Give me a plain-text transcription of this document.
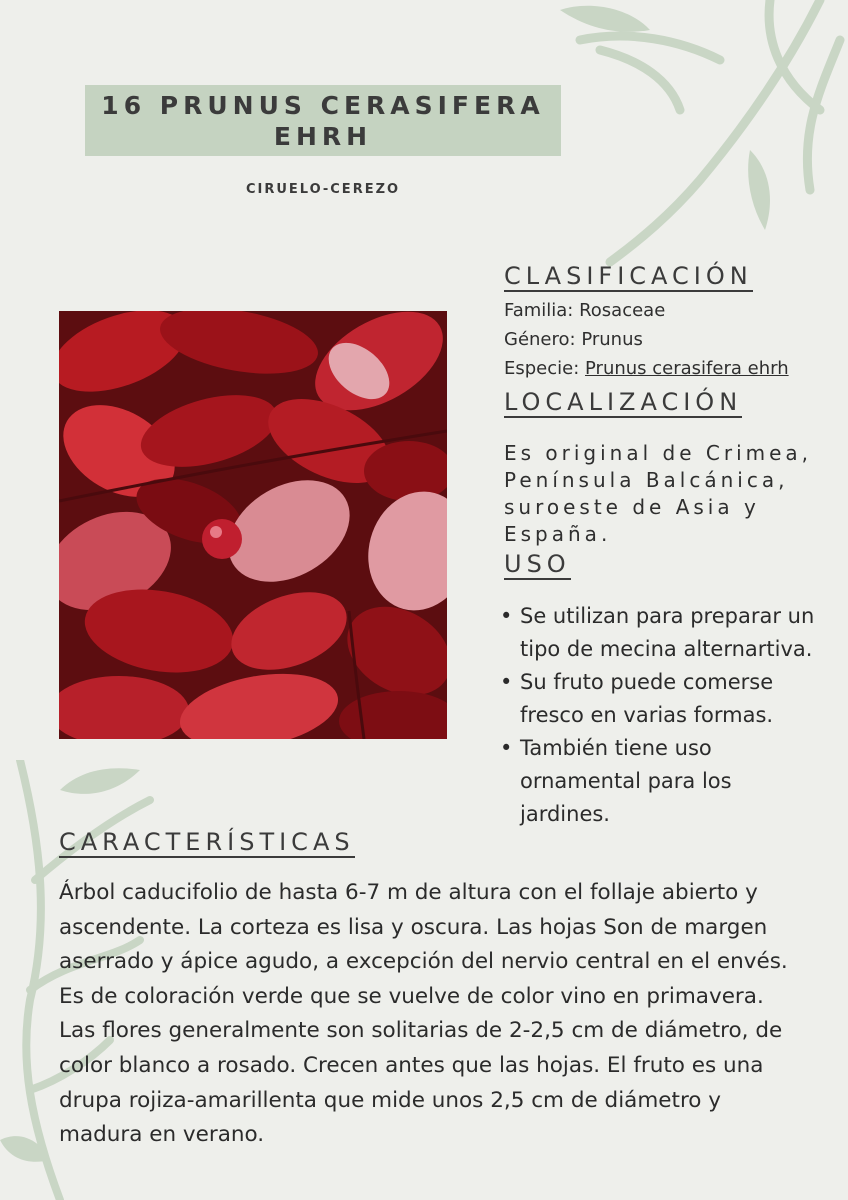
16 PRUNUS CERASIFERA EHRH
CIRUELO-CEREZO
CLASIFICACIÓN
Familia: Rosaceae
Género: Prunus
Especie: Prunus cerasifera ehrh
LOCALIZACIÓN
Es original de Crimea, Península Balcánica, suroeste de Asia y España.
USO
• Se utilizan para preparar un tipo de mecina alternartiva.
• Su fruto puede comerse fresco en varias formas.
• También tiene uso ornamental para los jardines.
CARACTERÍSTICAS
Árbol caducifolio de hasta 6-7 m de altura con el follaje abierto y ascendente. La corteza es lisa y oscura. Las hojas Son de margen aserrado y ápice agudo, a excepción del nervio central en el envés. Es de coloración verde que se vuelve de color vino en primavera. Las flores generalmente son solitarias de 2-2,5 cm de diámetro, de color blanco a rosado. Crecen antes que las hojas. El fruto es una drupa rojiza-amarillenta que mide unos 2,5 cm de diámetro y madura en verano.
